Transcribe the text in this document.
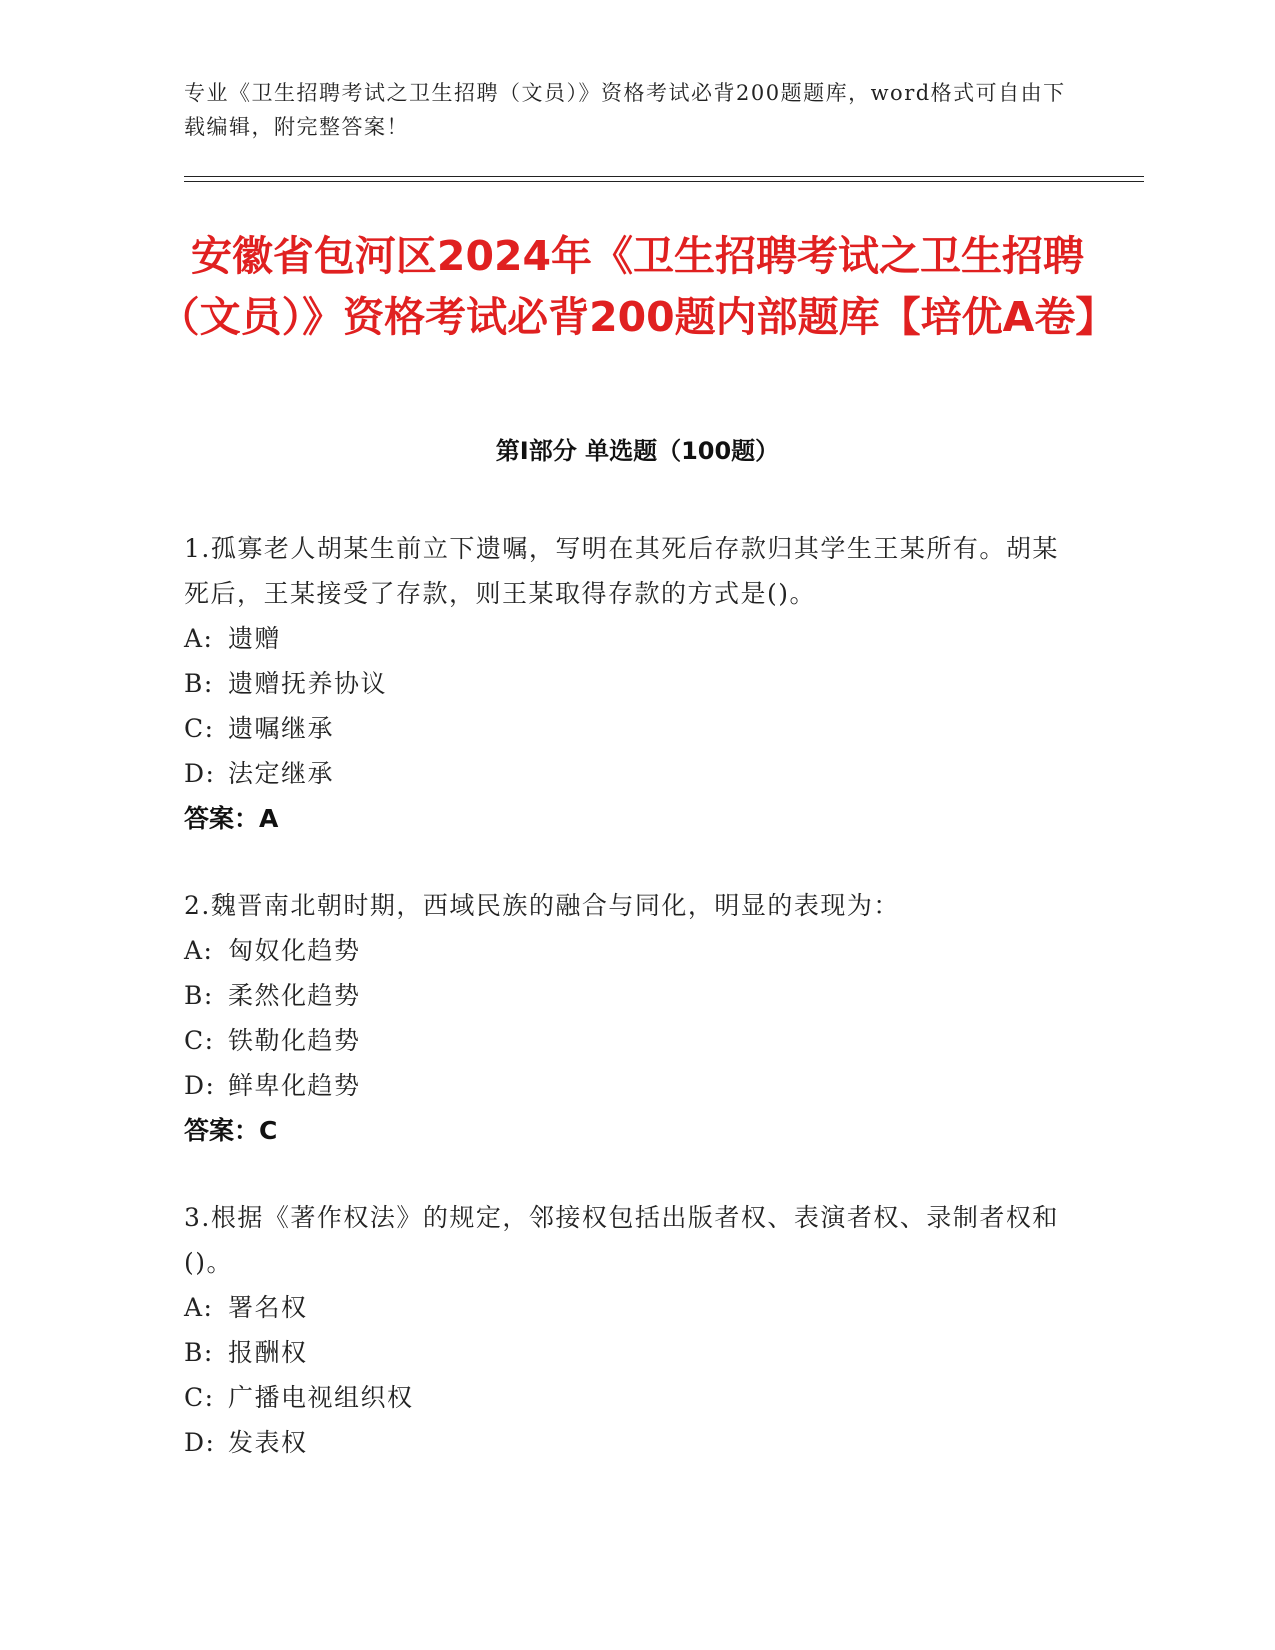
专业《卫生招聘考试之卫生招聘（文员）》资格考试必背200题题库，word格式可自由下载编辑，附完整答案！
安徽省包河区2024年《卫生招聘考试之卫生招聘（文员）》资格考试必背200题内部题库【培优A卷】
第I部分 单选题（100题）
1.孤寡老人胡某生前立下遗嘱，写明在其死后存款归其学生王某所有。胡某死后，王某接受了存款，则王某取得存款的方式是()。
A: 遗赠
B: 遗赠抚养协议
C: 遗嘱继承
D: 法定继承
答案：A
2.魏晋南北朝时期，西域民族的融合与同化，明显的表现为：
A: 匈奴化趋势
B: 柔然化趋势
C: 铁勒化趋势
D: 鲜卑化趋势
答案：C
3.根据《著作权法》的规定，邻接权包括出版者权、表演者权、录制者权和()。
A: 署名权
B: 报酬权
C: 广播电视组织权
D: 发表权
